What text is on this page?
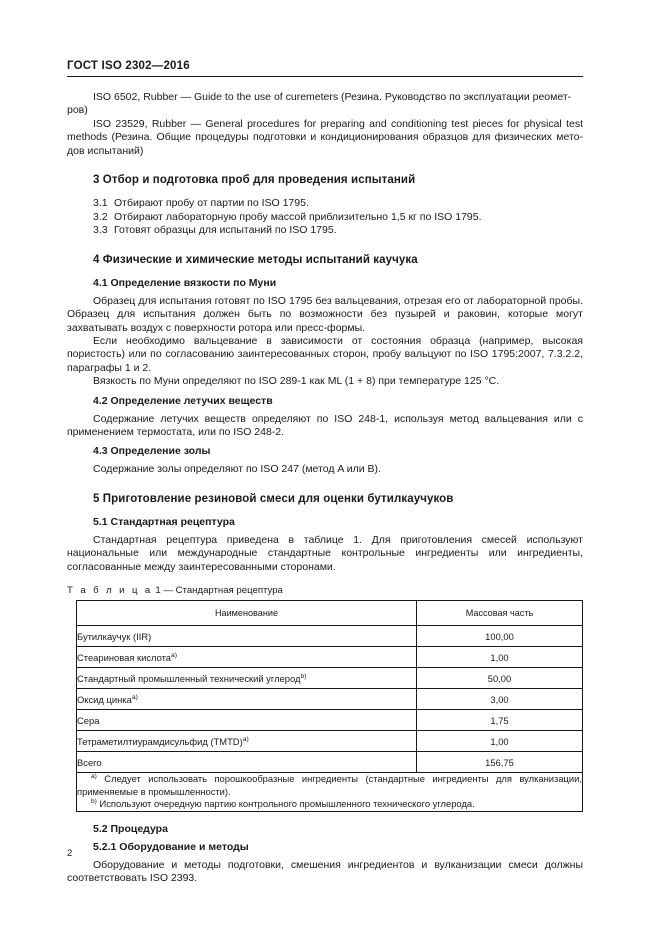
ГОСТ ISO 2302—2016

ISO 6502, Rubber — Guide to the use of curemeters (Резина. Руководство по эксплуатации реомет-

ров)

ISO 23529, Rubber — General procedures for preparing and conditioning test pieces for physical test methods (Резина. Общие процедуры подготовки и кондиционирования образцов для физических мето-дов испытаний)

3 Отбор и подготовка проб для проведения испытаний

3.1 Отбирают пробу от партии по ISO 1795.

3.2 Отбирают лабораторную пробу массой приблизительно 1,5 кг по ISO 1795.

3.3 Готовят образцы для испытаний по ISO 1795.

4 Физические и химические методы испытаний каучука
4.1 Определение вязкости по Муни

Образец для испытания готовят по ISO 1795 без вальцевания, отрезая его от лабораторной пробы. Образец для испытания должен быть по возможности без пузырей и раковин, которые могут захватывать воздух с поверхности ротора или пресс-формы.

Если необходимо вальцевание в зависимости от состояния образца (например, высокая пористость) или по согласованию заинтересованных сторон, пробу вальцуют по ISO 1795:2007, 7.3.2.2, параграфы 1 и 2.

Вязкость по Муни определяют по ISO 289-1 как ML (1 + 8) при температуре 125 °C.

4.2 Определение летучих веществ

Содержание летучих веществ определяют по ISO 248-1, используя метод вальцевания или с применением термостата, или по ISO 248-2.

4.3 Определение золы

Содержание золы определяют по ISO 247 (метод A или B).

5 Приготовление резиновой смеси для оценки бутилкаучуков
5.1 Стандартная рецептура

Стандартная рецептура приведена в таблице 1. Для приготовления смесей используют национальные или международные стандартные контрольные ингредиенты или ингредиенты, согласованные между заинтересованными сторонами.

Т а б л и ц а 1 — Стандартная рецептура

Наименование	Массовая часть
Бутилкаучук (IIR)	100,00
Стеариновая кислота$^{a)}$	1,00
Стандартный промышленный технический углерод$^{b)}$	50,00
Оксид цинка$^{a)}$	3,00
Сера	1,75
Тетраметилтиурамдисульфид (TMTD)$^{a)}$	1,00
Всего	156,75

$^{a)}$ Следует использовать порошкообразные ингредиенты (стандартные ингредиенты для вулканизации, применяемые в промышленности).

$^{b)}$ Используют очередную партию контрольного промышленного технического углерода.	

5.2 Процедура
5.2.1 Оборудование и методы

Оборудование и методы подготовки, смешения ингредиентов и вулканизации смеси должны соответствовать ISO 2393.

2
